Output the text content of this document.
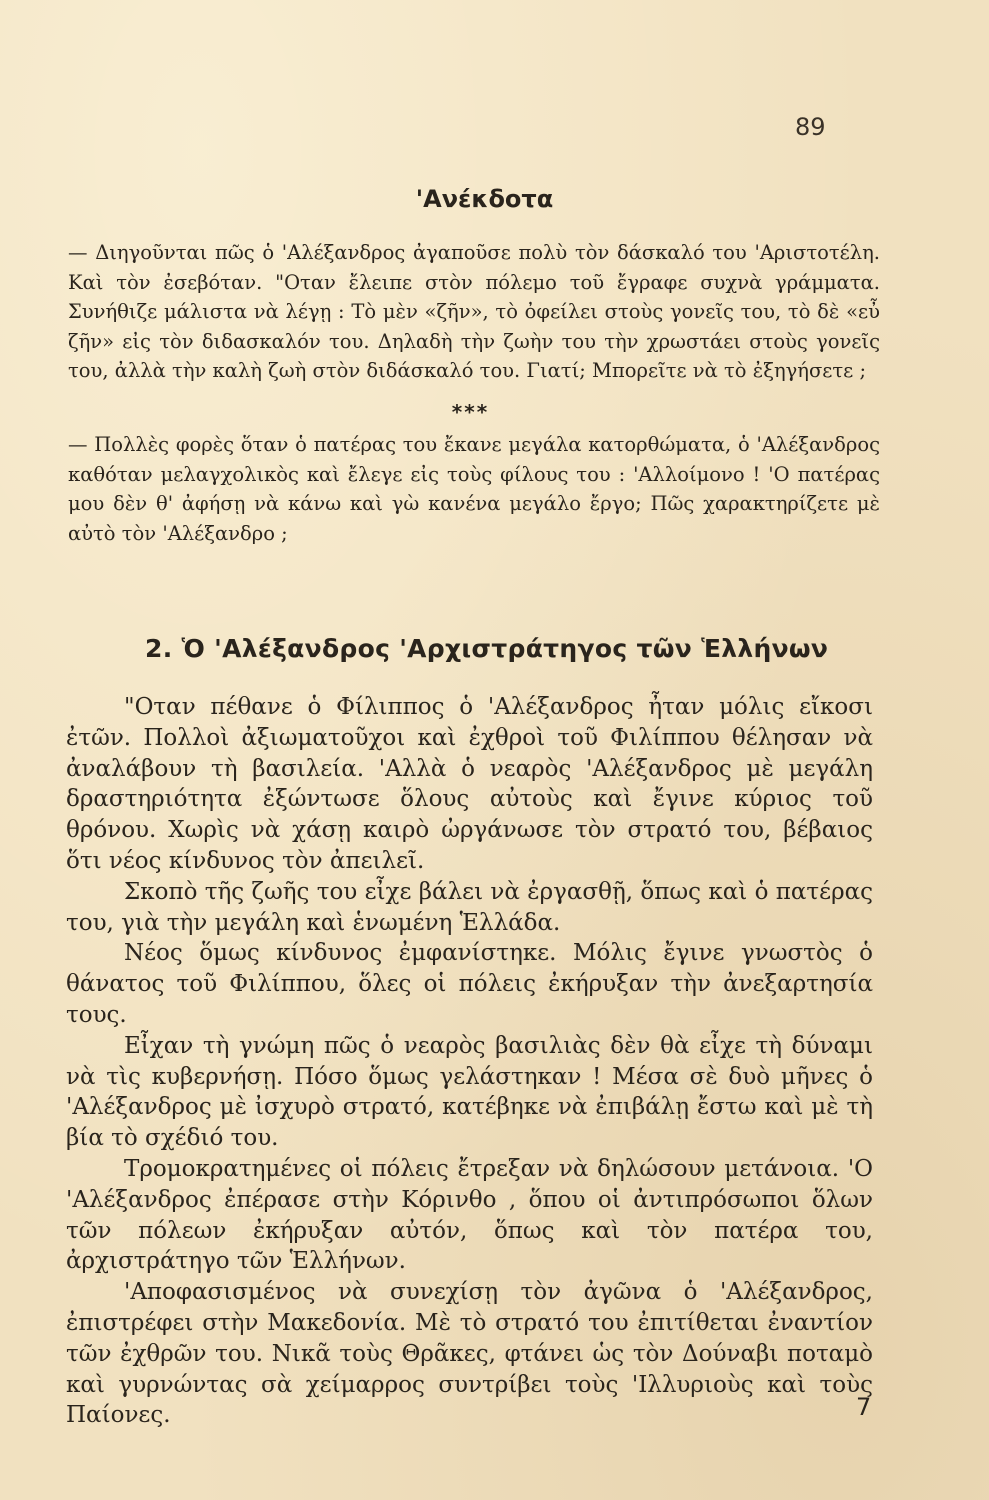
89

'Ανέκδοτα

— Διηγοῦνται πῶς ὁ 'Αλέξανδρος ἀγαποῦσε πολὺ τὸν δάσκαλό του 'Αριστοτέλη. Καὶ τὸν ἐσεβόταν. "Οταν ἔλειπε στὸν πόλεμο τοῦ ἔγραφε συχνὰ γράμματα. Συνήθιζε μάλιστα νὰ λέγῃ : Τὸ μὲν «ζῆν», τὸ ὀφείλει στοὺς γονεῖς του, τὸ δὲ «εὖ ζῆν» εἰς τὸν διδασκαλόν του. Δηλαδὴ τὴν ζωὴν του τὴν χρωστάει στοὺς γονεῖς του, ἀλλὰ τὴν καλὴ ζωὴ στὸν διδάσκαλό του. Γιατί; Μπορεῖτε νὰ τὸ ἐξηγήσετε ;

***

— Πολλὲς φορὲς ὅταν ὁ πατέρας του ἔκανε μεγάλα κατορθώματα, ὁ 'Αλέξανδρος καθόταν μελαγχολικὸς καὶ ἔλεγε εἰς τοὺς φίλους του : 'Αλλοίμονο ! 'Ο πατέρας μου δὲν θ' ἀφήσῃ νὰ κάνω καὶ γὼ κανένα μεγάλο ἔργο; Πῶς χαρακτηρίζετε μὲ αὐτὸ τὸν 'Αλέξανδρο ;

2. Ὁ 'Αλέξανδρος 'Αρχιστράτηγος τῶν Ἑλλήνων

"Οταν πέθανε ὁ Φίλιππος ὁ 'Αλέξανδρος ἦταν μόλις εἴκοσι ἐτῶν. Πολλοὶ ἀξιωματοῦχοι καὶ ἐχθροὶ τοῦ Φιλίππου θέλησαν νὰ ἀναλάβουν τὴ βασιλεία. 'Αλλὰ ὁ νεαρὸς 'Αλέξανδρος μὲ μεγάλη δραστηριότητα ἐξώντωσε ὅλους αὐτοὺς καὶ ἔγινε κύριος τοῦ θρόνου. Χωρὶς νὰ χάσῃ καιρὸ ὠργάνωσε τὸν στρατό του, βέβαιος ὅτι νέος κίνδυνος τὸν ἀπειλεῖ.

Σκοπὸ τῆς ζωῆς του εἶχε βάλει νὰ ἐργασθῇ, ὅπως καὶ ὁ πατέρας του, γιὰ τὴν μεγάλη καὶ ἑνωμένη Ἑλλάδα.

Νέος ὅμως κίνδυνος ἐμφανίστηκε. Μόλις ἔγινε γνωστὸς ὁ θάνατος τοῦ Φιλίππου, ὅλες οἱ πόλεις ἐκήρυξαν τὴν ἀνεξαρτησία τους.

Εἶχαν τὴ γνώμη πῶς ὁ νεαρὸς βασιλιὰς δὲν θὰ εἶχε τὴ δύναμι νὰ τὶς κυβερνήσῃ. Πόσο ὅμως γελάστηκαν ! Μέσα σὲ δυὸ μῆνες ὁ 'Αλέξανδρος μὲ ἰσχυρὸ στρατό, κατέβηκε νὰ ἐπιβάλῃ ἔστω καὶ μὲ τὴ βία τὸ σχέδιό του.

Τρομοκρατημένες οἱ πόλεις ἔτρεξαν νὰ δηλώσουν μετάνοια. 'Ο 'Αλέξανδρος ἐπέρασε στὴν Κόρινθο , ὅπου οἱ ἀντιπρόσωποι ὅλων τῶν πόλεων ἐκήρυξαν αὐτόν, ὅπως καὶ τὸν πατέρα του, ἀρχιστράτηγο τῶν Ἑλλήνων.

'Αποφασισμένος νὰ συνεχίσῃ τὸν ἀγῶνα ὁ 'Αλέξανδρος, ἐπιστρέφει στὴν Μακεδονία. Μὲ τὸ στρατό του ἐπιτίθεται ἐναντίον τῶν ἐχθρῶν του. Νικᾶ τοὺς Θρᾶκες, φτάνει ὡς τὸν Δούναβι ποταμὸ καὶ γυρνώντας σὰ χείμαρρος συντρίβει τοὺς 'Ιλλυριοὺς καὶ τοὺς Παίονες.	7
